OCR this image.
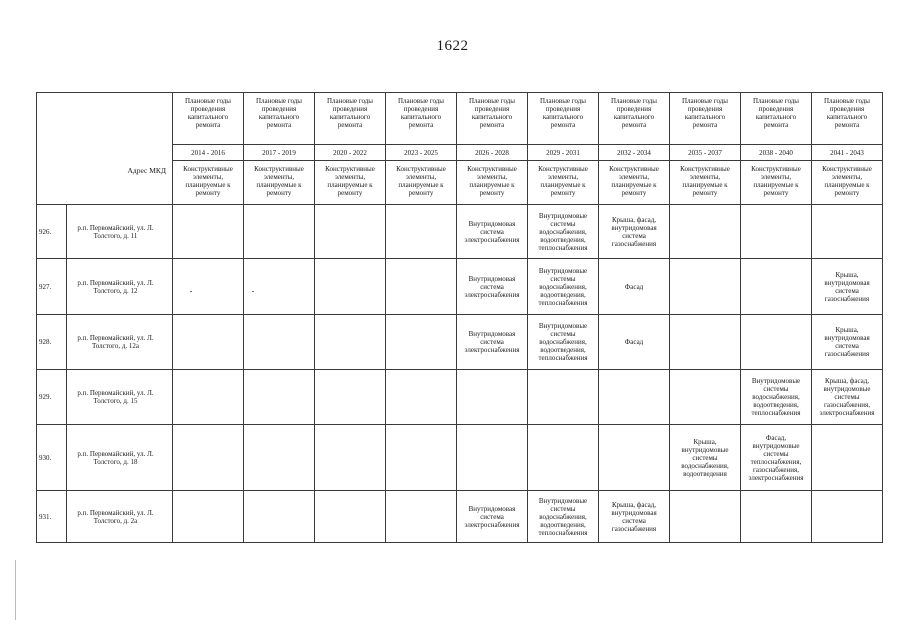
1622
Адрес МКД		Плановые годы проведения капитального ремонта	Плановые годы проведения капитального ремонта	Плановые годы проведения капитального ремонта	Плановые годы проведения капитального ремонта	Плановые годы проведения капитального ремонта	Плановые годы проведения капитального ремонта	Плановые годы проведения капитального ремонта	Плановые годы проведения капитального ремонта	Плановые годы проведения капитального ремонта	Плановые годы проведения капитального ремонта
		2014 - 2016	2017 - 2019	2020 - 2022	2023 - 2025	2026 - 2028	2029 - 2031	2032 - 2034	2035 - 2037	2038 - 2040	2041 - 2043
		Конструктивные элементы, планируемые к ремонту	Конструктивные элементы, планируемые к ремонту	Конструктивные элементы, планируемые к ремонту	Конструктивные элементы, планируемые к ремонту	Конструктивные элементы, планируемые к ремонту	Конструктивные элементы, планируемые к ремонту	Конструктивные элементы, планируемые к ремонту	Конструктивные элементы, планируемые к ремонту	Конструктивные элементы, планируемые к ремонту	Конструктивные элементы, планируемые к ремонту
926.	р.п. Первомайский, ул. Л. Толстого, д. 11					Внутридомовая система электроснабжения	Внутридомовые системы водоснабжения, водоотведения, теплоснабжения	Крыша, фасад, внутридомовая система газоснабжения			
927.	р.п. Первомайский, ул. Л. Толстого, д. 12					Внутридомовая система электроснабжения	Внутридомовые системы водоснабжения, водоотведения, теплоснабжения	Фасад			Крыша, внутридомовая система газоснабжения
928.	р.п. Первомайский, ул. Л. Толстого, д. 12а					Внутридомовая система электроснабжения	Внутридомовые системы водоснабжения, водоотведения, теплоснабжения	Фасад			Крыша, внутридомовая система газоснабжения
929.	р.п. Первомайский, ул. Л. Толстого, д. 15									Внутридомовые системы водоснабжения, водоотведения, теплоснабжения	Крыша, фасад, внутридомовые системы газоснабжения, электроснабжения
930.	р.п. Первомайский, ул. Л. Толстого, д. 18								Крыша, внутридомовые системы водоснабжения, водоотведения	Фасад, внутридомовые системы теплоснабжения, газоснабжения, электроснабжения	
931.	р.п. Первомайский, ул. Л. Толстого, д. 2а					Внутридомовая система электроснабжения	Внутридомовые системы водоснабжения, водоотведения, теплоснабжения	Крыша, фасад, внутридомовая система газоснабжения			
